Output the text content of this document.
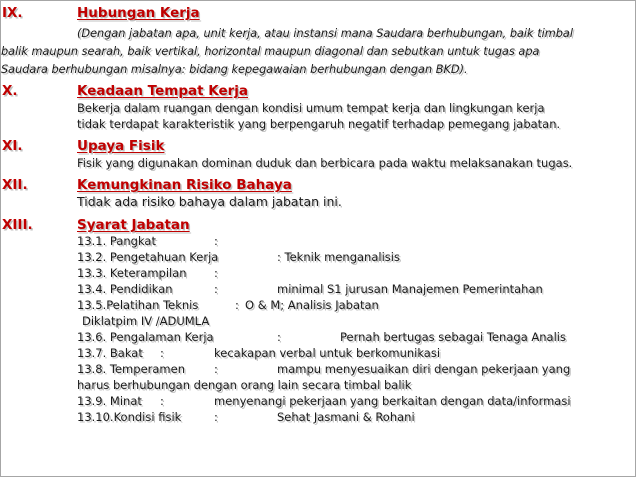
IX.	Hubungan Kerja
(Dengan jabatan apa, unit kerja, atau instansi mana Saudara berhubungan, baik timbal
balik maupun searah, baik vertikal, horizontal maupun diagonal dan sebutkan untuk tugas apa
Saudara berhubungan misalnya: bidang kepegawaian berhubungan dengan BKD).
X.	Keadaan Tempat Kerja
Bekerja dalam ruangan dengan kondisi umum tempat kerja dan lingkungan kerja
tidak terdapat karakteristik yang berpengaruh negatif terhadap pemegang jabatan.
XI.	Upaya Fisik
Fisik yang digunakan dominan duduk dan berbicara pada waktu melaksanakan tugas.
XII.	Kemungkinan Risiko Bahaya
Tidak ada risiko bahaya dalam jabatan ini.
XIII.	Syarat Jabatan
13.1. Pangkat	:
13.2. Pengetahuan Kerja	: Teknik menganalisis
13.3. Keterampilan :
13.4. Pendidikan	:	minimal S1 jurusan Manajemen Pemerintahan
13.5.Pelatihan Teknis	: O & M; Analisis Jabatan
Diklatpim IV /ADUMLA
13.6. Pengalaman Kerja	:	Pernah bertugas sebagai Tenaga Analis
13.7. Bakat :	kecakapan verbal untuk berkomunikasi
13.8. Temperamen	:	mampu menyesuaikan diri dengan pekerjaan yang
harus berhubungan dengan orang lain secara timbal balik
13.9. Minat :	menyenangi pekerjaan yang berkaitan dengan data/informasi
13.10.Kondisi fisik	:	Sehat Jasmani & Rohani
